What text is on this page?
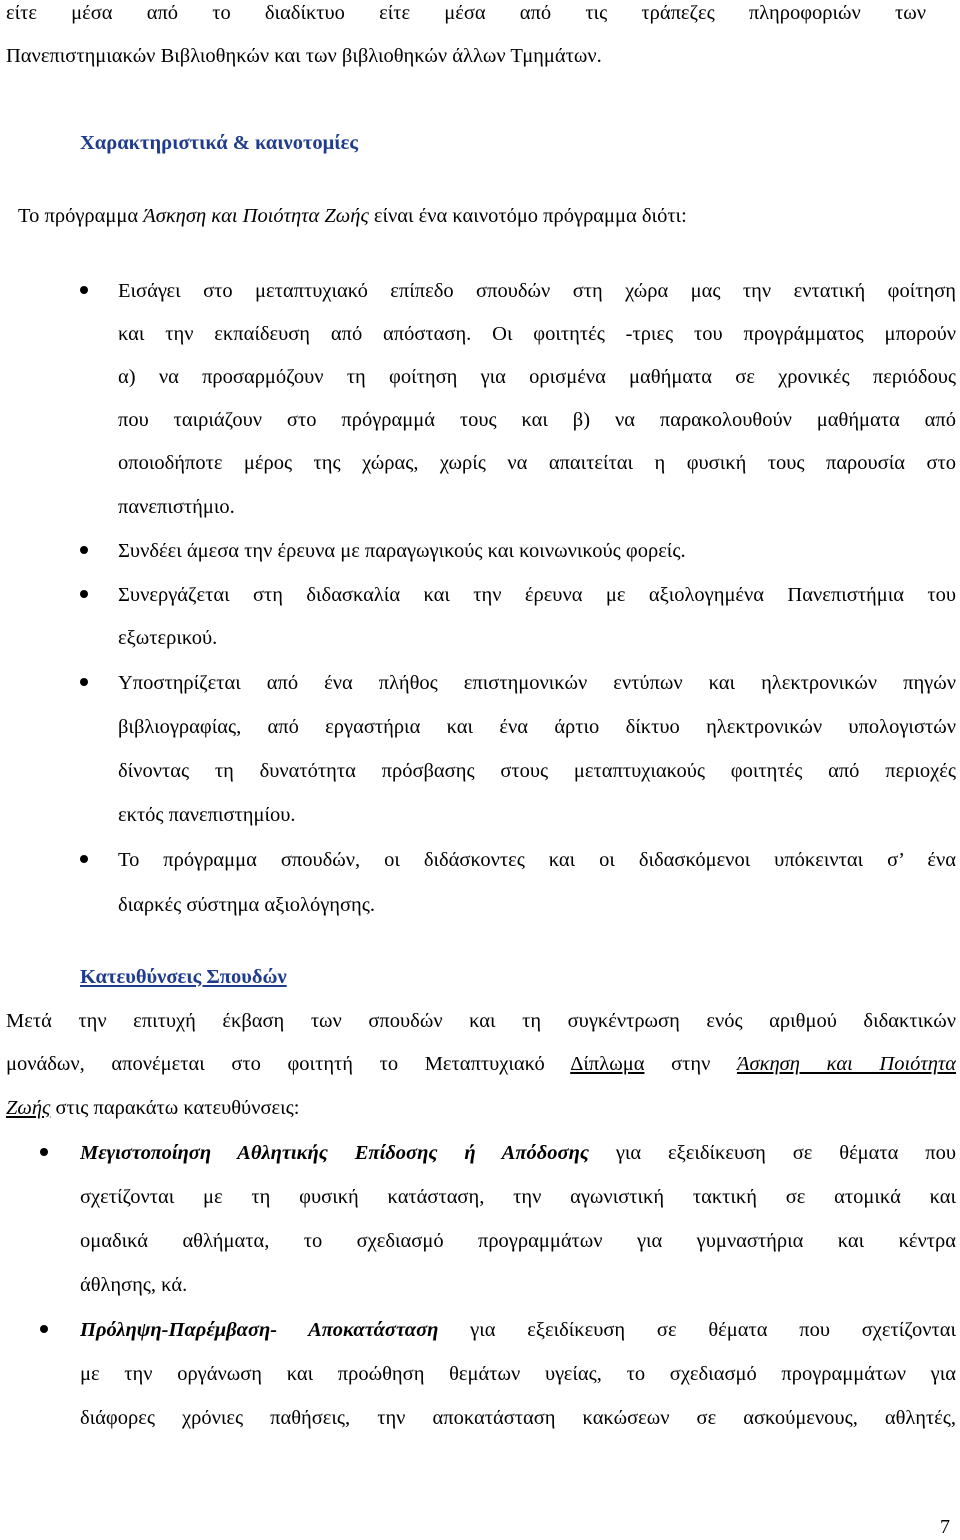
είτε μέσα από το διαδίκτυο είτε μέσα από τις τράπεζες πληροφοριών των
Πανεπιστημιακών Βιβλιοθηκών και των βιβλιοθηκών άλλων Τμημάτων.
Χαρακτηριστικά & καινοτομίες
Το πρόγραμμα Άσκηση και Ποιότητα Ζωής είναι ένα καινοτόμο πρόγραμμα διότι:
Εισάγει στο μεταπτυχιακό επίπεδο σπουδών στη χώρα μας την εντατική φοίτηση
και την εκπαίδευση από απόσταση. Οι φοιτητές -τριες του προγράμματος μπορούν
α) να προσαρμόζουν τη φοίτηση για ορισμένα μαθήματα σε χρονικές περιόδους
που ταιριάζουν στο πρόγραμμά τους και β) να παρακολουθούν μαθήματα από
οποιοδήποτε μέρος της χώρας, χωρίς να απαιτείται η φυσική τους παρουσία στο
πανεπιστήμιο.
Συνδέει άμεσα την έρευνα με παραγωγικούς και κοινωνικούς φορείς.
Συνεργάζεται στη διδασκαλία και την έρευνα με αξιολογημένα Πανεπιστήμια του
εξωτερικού.
Υποστηρίζεται από ένα πλήθος επιστημονικών εντύπων και ηλεκτρονικών πηγών
βιβλιογραφίας, από εργαστήρια και ένα άρτιο δίκτυο ηλεκτρονικών υπολογιστών
δίνοντας τη δυνατότητα πρόσβασης στους μεταπτυχιακούς φοιτητές από περιοχές
εκτός πανεπιστημίου.
Το πρόγραμμα σπουδών, οι διδάσκοντες και οι διδασκόμενοι υπόκεινται σ’ ένα
διαρκές σύστημα αξιολόγησης.
Κατευθύνσεις Σπουδών
Μετά την επιτυχή έκβαση των σπουδών και τη συγκέντρωση ενός αριθμού διδακτικών
μονάδων, απονέμεται στο φοιτητή το Μεταπτυχιακό Δίπλωμα στην Άσκηση και Ποιότητα
Ζωής στις παρακάτω κατευθύνσεις:
Μεγιστοποίηση Αθλητικής Επίδοσης ή Απόδοσης για εξειδίκευση σε θέματα που
σχετίζονται με τη φυσική κατάσταση, την αγωνιστική τακτική σε ατομικά και
ομαδικά αθλήματα, το σχεδιασμό προγραμμάτων για γυμναστήρια και κέντρα
άθλησης, κά.
Πρόληψη-Παρέμβαση- Αποκατάσταση για εξειδίκευση σε θέματα που σχετίζονται
με την οργάνωση και προώθηση θεμάτων υγείας, το σχεδιασμό προγραμμάτων για
διάφορες χρόνιες παθήσεις, την αποκατάσταση κακώσεων σε ασκούμενους, αθλητές,
7
